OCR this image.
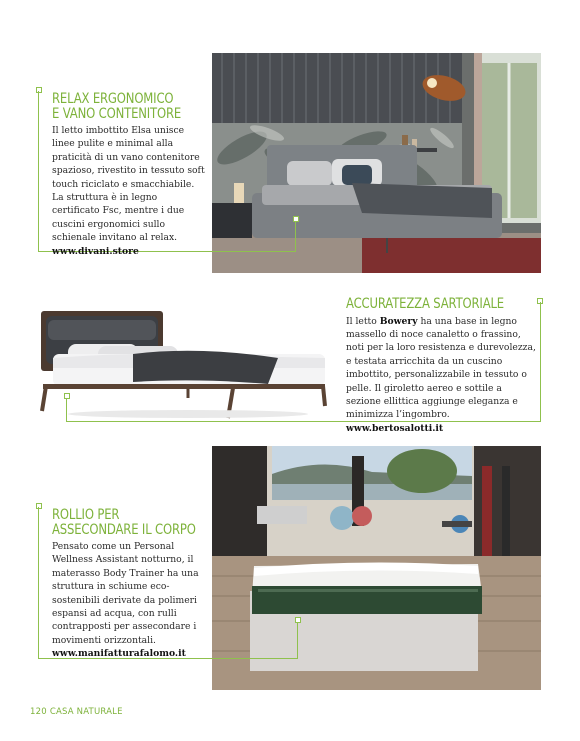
RELAX ERGONOMICO
E VANO CONTENITORE

Il letto imbottito Elsa unisce linee pulite e minimal alla praticità di un vano contenitore spazioso, rivestito in tessuto soft touch riciclato e smacchiabile. La struttura è in legno certificato Fsc, mentre i due cuscini ergonomici sullo schienale invitano al relax. www.divani.store

ACCURATEZZA SARTORIALE

Il letto Bowery ha una base in legno massello di noce canaletto o frassino, noti per la loro resistenza e durevolezza, e testata arricchita da un cuscino imbottito, personalizzabile in tessuto o pelle. Il giroletto aereo e sottile a sezione ellittica aggiunge eleganza e minimizza l’ingombro. www.bertosalotti.it

ROLLIO PER
ASSECONDARE IL CORPO

Pensato come un Personal Wellness Assistant notturno, il materasso Body Trainer ha una struttura in schiume eco-sostenibili derivate da polimeri espansi ad acqua, con rulli contrapposti per assecondare i movimenti orizzontali. www.manifatturafalomo.it

120 CASA NATURALE
